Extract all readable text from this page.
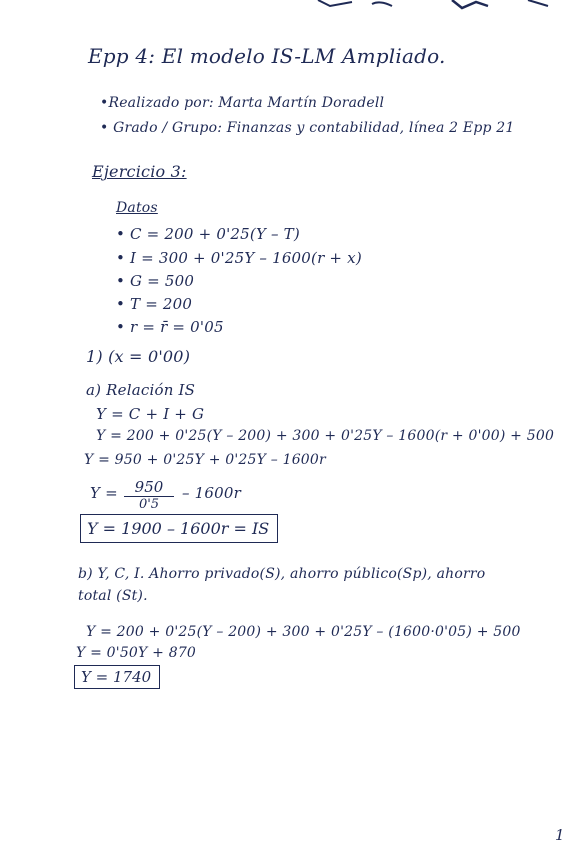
Epp 4: El modelo IS-LM Ampliado.
•Realizado por: Marta Martín Doradell
• Grado / Grupo: Finanzas y contabilidad, línea 2 Epp 21
Ejercicio 3:
Datos
• C = 200 + 0'25(Y – T)
• I = 300 + 0'25Y – 1600(r + x)
• G = 500
• T = 200
• r = r̄ = 0'05
1) (x = 0'00)
a) Relación IS
Y = C + I + G
Y = 200 + 0'25(Y – 200) + 300 + 0'25Y – 1600(r + 0'00) + 500
Y = 950 + 0'25Y + 0'25Y – 1600r
$Y = \frac{950}{0'5} - 1600r$
Y = 1900 – 1600r = IS
b) Y, C, I. Ahorro privado(S), ahorro público(Sp), ahorro
total (St).
Y = 200 + 0'25(Y – 200) + 300 + 0'25Y – (1600·0'05) + 500
Y = 0'50Y + 870
Y = 1740
1
